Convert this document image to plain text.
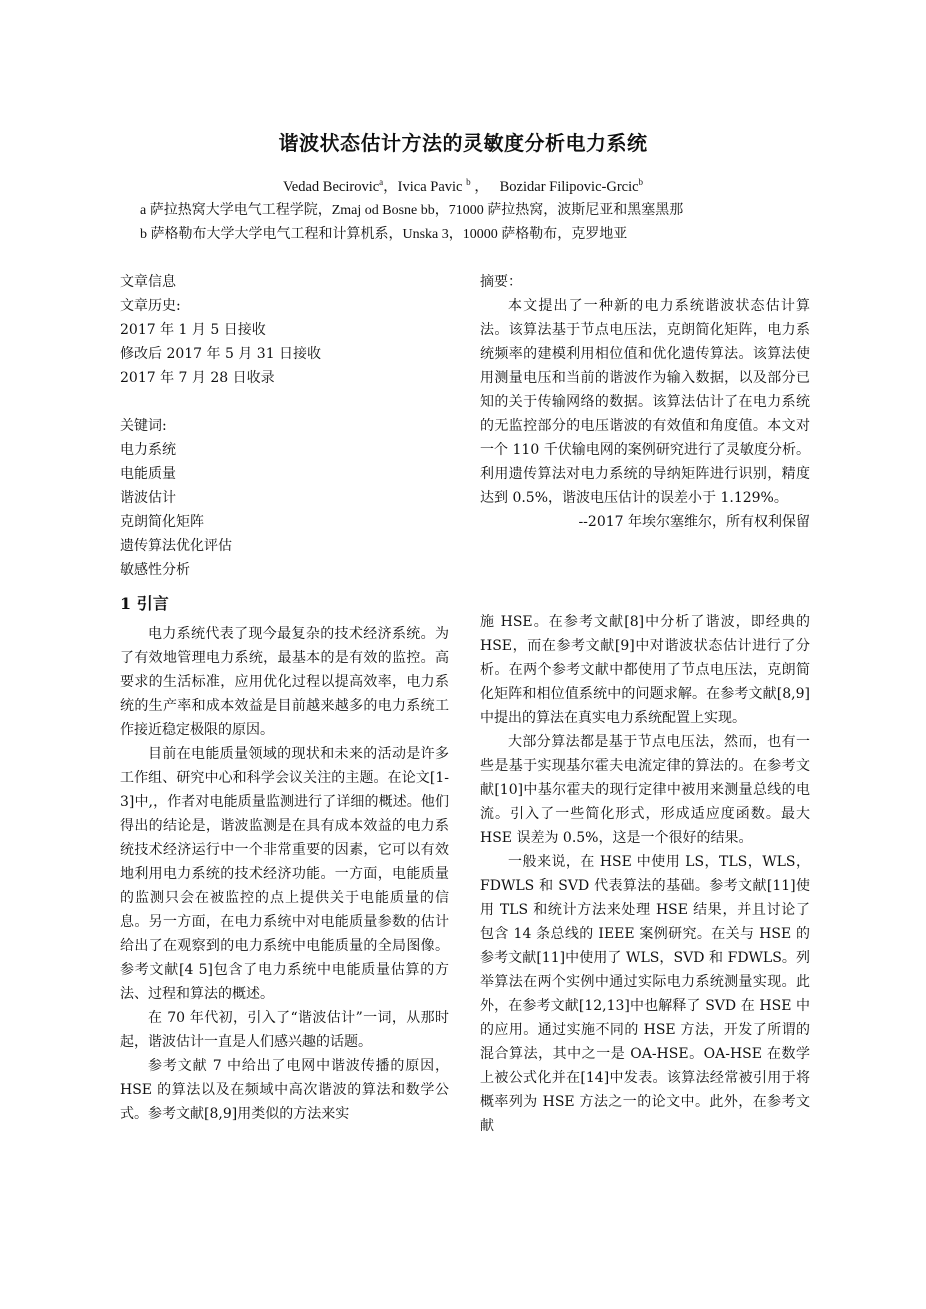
谐波状态估计方法的灵敏度分析电力系统
Vedad Becirovic$^a$，Ivica Pavic $^b$ ，   Bozidar Filipovic-Grcic$^b$
a 萨拉热窝大学电气工程学院，Zmaj od Bosne bb，71000 萨拉热窝，波斯尼亚和黑塞黑那
b 萨格勒布大学大学电气工程和计算机系，Unska 3，10000 萨格勒布，克罗地亚
文章信息
文章历史:
2017 年 1 月 5 日接收
修改后 2017 年 5 月 31 日接收
2017 年 7 月 28 日收录
关键词:
电力系统
电能质量
谐波估计
克朗简化矩阵
遗传算法优化评估
敏感性分析
摘要：

本文提出了一种新的电力系统谐波状态估计算法。该算法基于节点电压法，克朗简化矩阵，电力系统频率的建模利用相位值和优化遗传算法。该算法使用测量电压和当前的谐波作为输入数据，以及部分已知的关于传输网络的数据。该算法估计了在电力系统的无监控部分的电压谐波的有效值和角度值。本文对一个 110 千伏输电网的案例研究进行了灵敏度分析。利用遗传算法对电力系统的导纳矩阵进行识别，精度达到 0.5%，谐波电压估计的误差小于 1.129%。

--2017 年埃尔塞维尔，所有权利保留
1 引言

电力系统代表了现今最复杂的技术经济系统。为了有效地管理电力系统，最基本的是有效的监控。高要求的生活标准，应用优化过程以提高效率，电力系统的生产率和成本效益是目前越来越多的电力系统工作接近稳定极限的原因。

目前在电能质量领域的现状和未来的活动是许多工作组、研究中心和科学会议关注的主题。在论文[1-3]中,，作者对电能质量监测进行了详细的概述。他们得出的结论是，谐波监测是在具有成本效益的电力系统技术经济运行中一个非常重要的因素，它可以有效地利用电力系统的技术经济功能。一方面，电能质量的监测只会在被监控的点上提供关于电能质量的信息。另一方面，在电力系统中对电能质量参数的估计给出了在观察到的电力系统中电能质量的全局图像。参考文献[4 5]包含了电力系统中电能质量估算的方法、过程和算法的概述。

在 70 年代初，引入了“谐波估计”一词，从那时起，谐波估计一直是人们感兴趣的话题。

参考文献 7 中给出了电网中谐波传播的原因，HSE 的算法以及在频域中高次谐波的算法和数学公式。参考文献[8,9]用类似的方法来实

施 HSE。在参考文献[8]中分析了谐波，即经典的 HSE，而在参考文献[9]中对谐波状态估计进行了分析。在两个参考文献中都使用了节点电压法，克朗简化矩阵和相位值系统中的问题求解。在参考文献[8,9]中提出的算法在真实电力系统配置上实现。

大部分算法都是基于节点电压法，然而，也有一些是基于实现基尔霍夫电流定律的算法的。在参考文献[10]中基尔霍夫的现行定律中被用来测量总线的电流。引入了一些简化形式，形成适应度函数。最大 HSE 误差为 0.5%，这是一个很好的结果。

一般来说，在 HSE 中使用 LS，TLS，WLS，FDWLS 和 SVD 代表算法的基础。参考文献[11]使用 TLS 和统计方法来处理 HSE 结果，并且讨论了包含 14 条总线的 IEEE 案例研究。在关与 HSE 的参考文献[11]中使用了 WLS，SVD 和 FDWLS。列举算法在两个实例中通过实际电力系统测量实现。此外，在参考文献[12,13]中也解释了 SVD 在 HSE 中的应用。通过实施不同的 HSE 方法，开发了所谓的混合算法，其中之一是 OA-HSE。OA-HSE 在数学上被公式化并在[14]中发表。该算法经常被引用于将概率列为 HSE 方法之一的论文中。此外，在参考文献
